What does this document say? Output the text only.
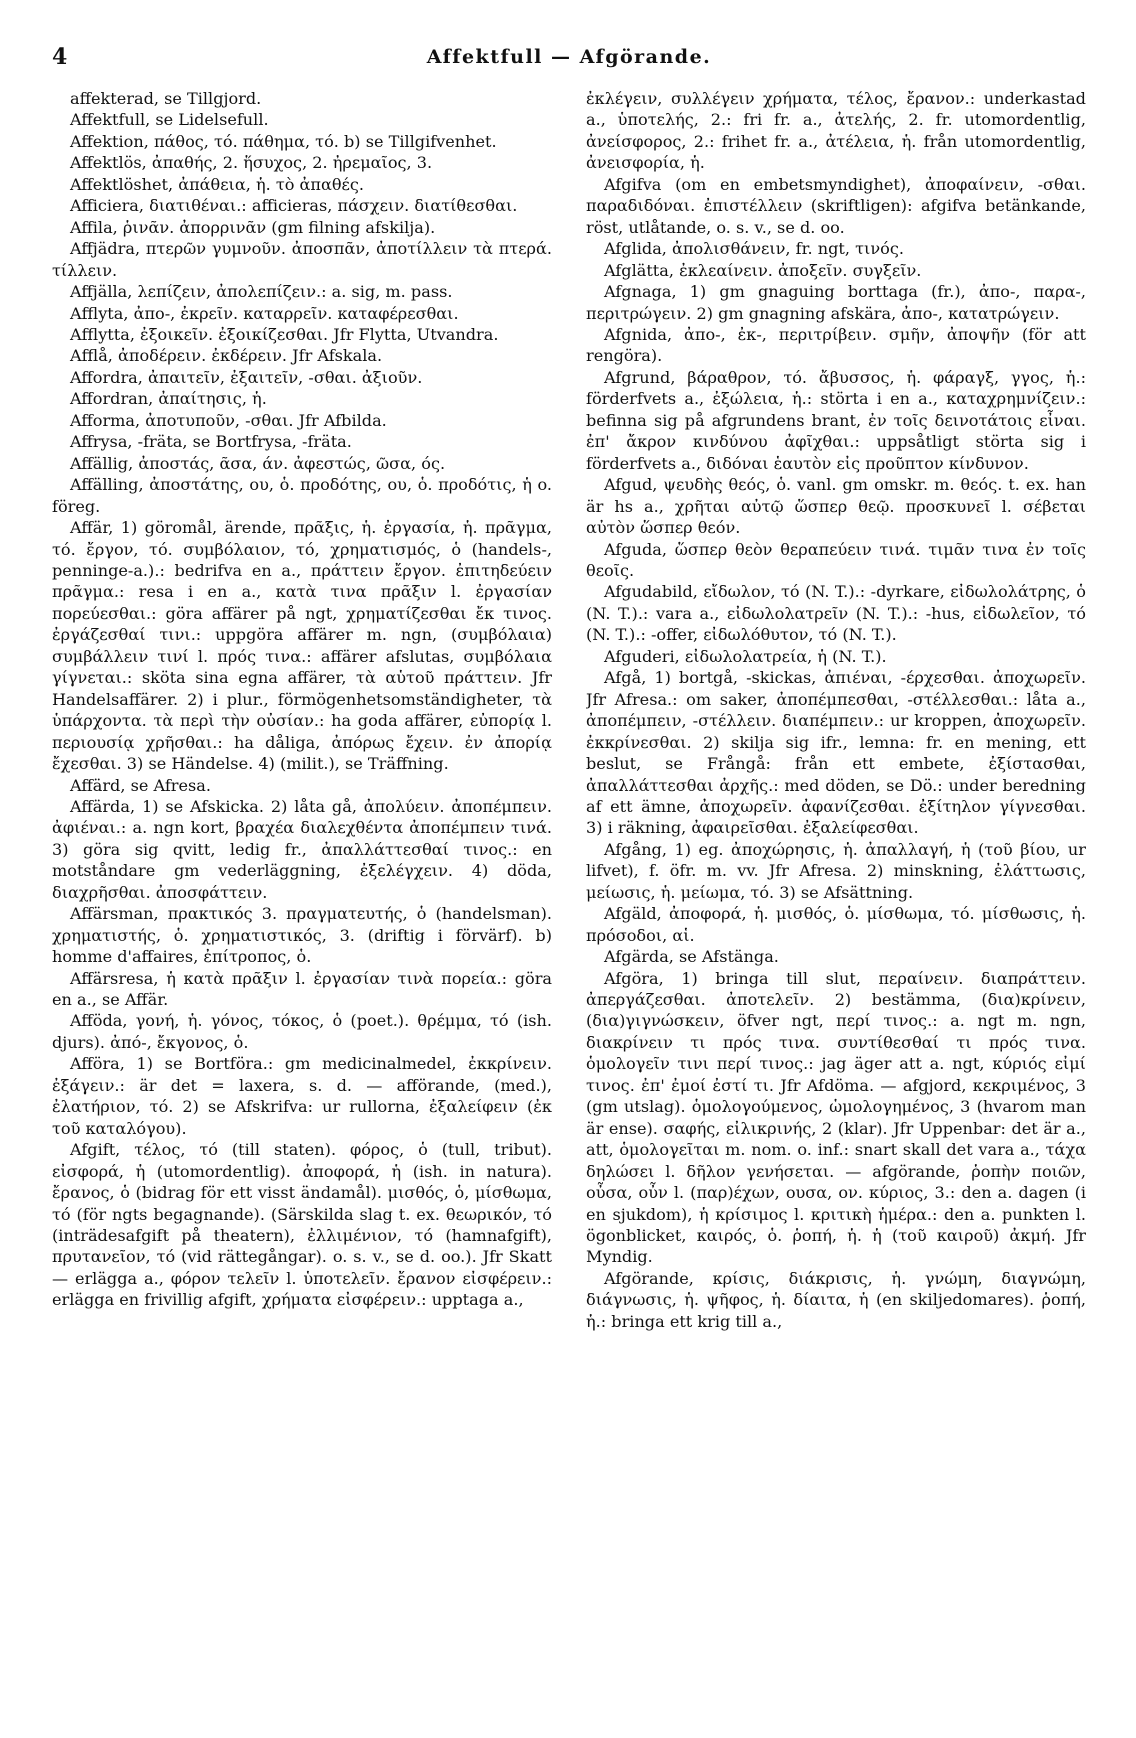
4	Affektfull — Afgörande.

affekterad, se Tillgjord.

Affektfull, se Lidelsefull.

Affektion, πάθος, τό. πάθημα, τό. b) se Tillgifvenhet.

Affektlös, ἀπαθής, 2. ἥσυχος, 2. ἠρεμαῖος, 3.

Affektlöshet, ἀπάθεια, ἡ. τὸ ἀπαθές.

Afficiera, διατιθέναι.: afficieras, πάσχειν. διατίθεσθαι.

Affila, ῥινᾶν. ἀπορρινᾶν (gm filning afskilja).

Affjädra, πτερῶν γυμνοῦν. ἀποσπᾶν, ἀποτίλλειν τὰ πτερά. τίλλειν.

Affjälla, λεπίζειν, ἀπολεπίζειν.: a. sig, m. pass.

Afflyta, ἀπο-, ἐκρεῖν. καταρρεῖν. καταφέρεσθαι.

Afflytta, ἐξοικεῖν. ἐξοικίζεσθαι. Jfr Flytta, Utvandra.

Afflå, ἀποδέρειν. ἐκδέρειν. Jfr Afskala.

Affordra, ἀπαιτεῖν, ἐξαιτεῖν, -σθαι. ἀξιοῦν.

Affordran, ἀπαίτησις, ἡ.

Afforma, ἀποτυποῦν, -σθαι. Jfr Afbilda.

Affrysa, -fräta, se Bortfrysa, -fräta.

Affällig, ἀποστάς, ᾶσα, άν. ἀφεστώς, ῶσα, ός.

Affälling, ἀποστάτης, ου, ὁ. προδότης, ου, ὁ. προδότις, ἡ o. föreg.

Affär, 1) göromål, ärende, πρᾶξις, ἡ. ἐργασία, ἡ. πρᾶγμα, τό. ἔργον, τό. συμβόλαιον, τό, χρηματισμός, ὁ (handels-, penninge-a.).: bedrifva en a., πράττειν ἔργον. ἐπιτηδεύειν πρᾶγμα.: resa i en a., κατὰ τινα πρᾶξιν l. ἐργασίαν πορεύεσθαι.: göra affärer på ngt, χρηματίζεσθαι ἔκ τινος. ἐργάζεσθαί τινι.: uppgöra affärer m. ngn, (συμβόλαια) συμβάλλειν τινί l. πρός τινα.: affärer afslutas, συμβόλαια γίγνεται.: sköta sina egna affärer, τὰ αὑτοῦ πράττειν. Jfr Handelsaffärer. 2) i plur., förmögenhetsomständigheter, τὰ ὑπάρχοντα. τὰ περὶ τὴν οὐσίαν.: ha goda affärer, εὐπορίᾳ l. περιουσίᾳ χρῆσθαι.: ha dåliga, ἀπόρως ἔχειν. ἐν ἀπορίᾳ ἔχεσθαι. 3) se Händelse. 4) (milit.), se Träffning.

Affärd, se Afresa.

Affärda, 1) se Afskicka. 2) låta gå, ἀπολύειν. ἀποπέμπειν. ἀφιέναι.: a. ngn kort, βραχέα διαλεχθέντα ἀποπέμπειν τινά. 3) göra sig qvitt, ledig fr., ἀπαλλάττεσθαί τινος.: en motståndare gm vederläggning, ἐξελέγχειν. 4) döda, διαχρῆσθαι. ἀποσφάττειν.

Affärsman, πρακτικός 3. πραγματευτής, ὁ (handelsman). χρηματιστής, ὁ. χρηματιστικός, 3. (driftig i förvärf). b) homme d'affaires, ἐπίτροπος, ὁ.

Affärsresa, ἡ κατὰ πρᾶξιν l. ἐργασίαν τινὰ πορεία.: göra en a., se Affär.

Afföda, γονή, ἡ. γόνος, τόκος, ὁ (poet.). θρέμμα, τό (ish. djurs). ἀπό-, ἔκγονος, ὁ.

Afföra, 1) se Bortföra.: gm medicinalmedel, ἐκκρίνειν. ἐξάγειν.: är det = laxera, s. d. — afförande, (med.), ἐλατήριον, τό. 2) se Afskrifva: ur rullorna, ἐξαλείφειν (ἐκ τοῦ καταλόγου).

Afgift, τέλος, τό (till staten). φόρος, ὁ (tull, tribut). εἰσφορά, ἡ (utomordentlig). ἀποφορά, ἡ (ish. in natura). ἔρανος, ὁ (bidrag för ett visst ändamål). μισθός, ὁ, μίσθωμα, τό (för ngts begagnande). (Särskilda slag t. ex. θεωρικόν, τό (inträdesafgift på theatern), ἐλλιμένιον, τό (hamnafgift), πρυτανεῖον, τό (vid rättegångar). o. s. v., se d. oo.). Jfr Skatt — erlägga a., φόρον τελεῖν l. ὑποτελεῖν. ἔρανον εἰσφέρειν.: erlägga en frivillig afgift, χρήματα εἰσφέρειν.: upptaga a.,

ἐκλέγειν, συλλέγειν χρήματα, τέλος, ἔρανον.: underkastad a., ὑποτελής, 2.: fri fr. a., ἀτελής, 2. fr. utomordentlig, ἀνείσφορος, 2.: frihet fr. a., ἀτέλεια, ἡ. från utomordentlig, ἀνεισφορία, ἡ.

Afgifva (om en embetsmyndighet), ἀποφαίνειν, -σθαι. παραδιδόναι. ἐπιστέλλειν (skriftligen): afgifva betänkande, röst, utlåtande, o. s. v., se d. oo.

Afglida, ἀπολισθάνειν, fr. ngt, τινός.

Afglätta, ἐκλεαίνειν. ἀποξεῖν. συγξεῖν.

Afgnaga, 1) gm gnaguing borttaga (fr.), ἀπο-, παρα-, περιτρώγειν. 2) gm gnagning afskära, ἀπο-, κατατρώγειν.

Afgnida, ἀπο-, ἐκ-, περιτρίβειν. σμῆν, ἀποψῆν (för att rengöra).

Afgrund, βάραθρον, τό. ἄβυσσος, ἡ. φάραγξ, γγος, ἡ.: förderfvets a., ἐξώλεια, ἡ.: störta i en a., καταχρημνίζειν.: befinna sig på afgrundens brant, ἐν τοῖς δεινοτάτοις εἶναι. ἐπ' ἄκρον κινδύνου ἀφῖχθαι.: uppsåtligt störta sig i förderfvets a., διδόναι ἑαυτὸν εἰς προῦπτον κίνδυνον.

Afgud, ψευδὴς θεός, ὁ. vanl. gm omskr. m. θεός. t. ex. han är hs a., χρῆται αὐτῷ ὥσπερ θεῷ. προσκυνεῖ l. σέβεται αὐτὸν ὥσπερ θεόν.

Afguda, ὥσπερ θεὸν θεραπεύειν τινά. τιμᾶν τινα ἐν τοῖς θεοῖς.

Afgudabild, εἴδωλον, τό (N. T.).: -dyrkare, εἰδωλολάτρης, ὁ (N. T.).: vara a., εἰδωλολατρεῖν (N. T.).: -hus, εἰδωλεῖον, τό (N. T.).: -offer, εἰδωλόθυτον, τό (N. T.).

Afguderi, εἰδωλολατρεία, ἡ (N. T.).

Afgå, 1) bortgå, -skickas, ἀπιέναι, -έρχεσθαι. ἀποχωρεῖν. Jfr Afresa.: om saker, ἀποπέμπεσθαι, -στέλλεσθαι.: låta a., ἀποπέμπειν, -στέλλειν. διαπέμπειν.: ur kroppen, ἀποχωρεῖν. ἐκκρίνεσθαι. 2) skilja sig ifr., lemna: fr. en mening, ett beslut, se Frångå: från ett embete, ἐξίστασθαι, ἀπαλλάττεσθαι ἀρχῆς.: med döden, se Dö.: under beredning af ett ämne, ἀποχωρεῖν. ἀφανίζεσθαι. ἐξίτηλον γίγνεσθαι. 3) i räkning, ἀφαιρεῖσθαι. ἐξαλείφεσθαι.

Afgång, 1) eg. ἀποχώρησις, ἡ. ἀπαλλαγή, ἡ (τοῦ βίου, ur lifvet), f. öfr. m. vv. Jfr Afresa. 2) minskning, ἐλάττωσις, μείωσις, ἡ. μείωμα, τό. 3) se Afsättning.

Afgäld, ἀποφορά, ἡ. μισθός, ὁ. μίσθωμα, τό. μίσθωσις, ἡ. πρόσοδοι, αἱ.

Afgärda, se Afstänga.

Afgöra, 1) bringa till slut, περαίνειν. διαπράττειν. ἀπεργάζεσθαι. ἀποτελεῖν. 2) bestämma, (δια)κρίνειν, (δια)γιγνώσκειν, öfver ngt, περί τινος.: a. ngt m. ngn, διακρίνειν τι πρός τινα. συντίθεσθαί τι πρός τινα. ὁμολογεῖν τινι περί τινος.: jag äger att a. ngt, κύριός εἰμί τινος. ἐπ' ἐμοί ἐστί τι. Jfr Afdöma. — afgjord, κεκριμένος, 3 (gm utslag). ὁμολογούμενος, ὡμολογημένος, 3 (hvarom man är ense). σαφής, εἰλικρινής, 2 (klar). Jfr Uppenbar: det är a., att, ὁμολογεῖται m. nom. o. inf.: snart skall det vara a., τάχα δηλώσει l. δῆλον γενήσεται. — afgörande, ῥοπὴν ποιῶν, οὖσα, οὖν l. (παρ)έχων, ουσα, ον. κύριος, 3.: den a. dagen (i en sjukdom), ἡ κρίσιμος l. κριτικὴ ἡμέρα.: den a. punkten l. ögonblicket, καιρός, ὁ. ῥοπή, ἡ. ἡ (τοῦ καιροῦ) ἀκμή. Jfr Myndig.

Afgörande, κρίσις, διάκρισις, ἡ. γνώμη, διαγνώμη, διάγνωσις, ἡ. ψῆφος, ἡ. δίαιτα, ἡ (en skiljedomares). ῥοπή, ἡ.: bringa ett krig till a.,
